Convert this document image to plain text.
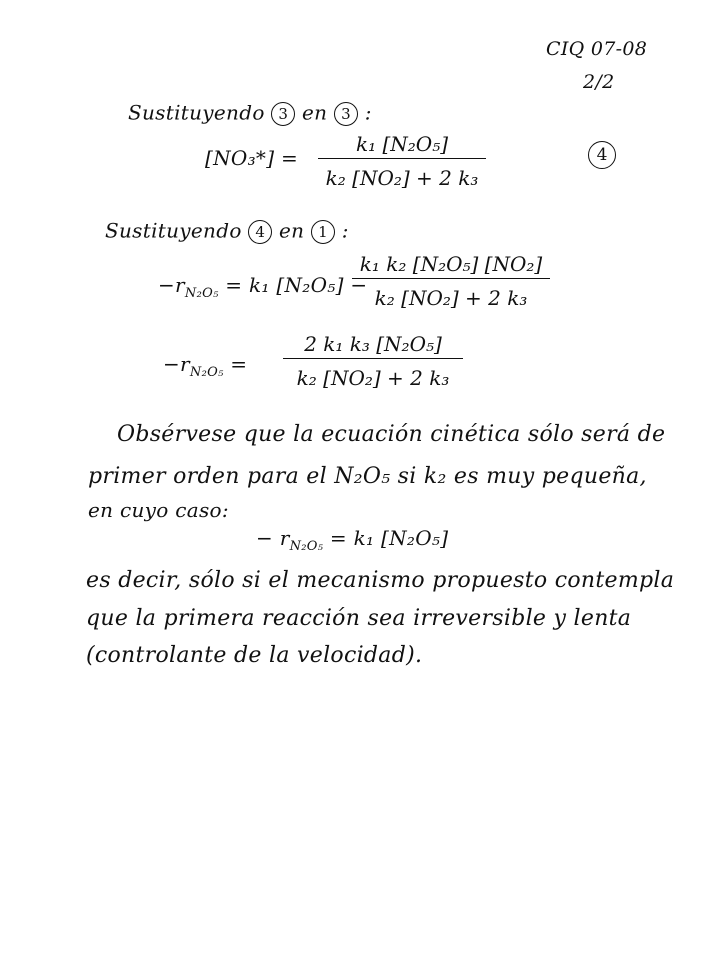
CIQ 07-08
2/2
Sustituyendo 3 en 3 :
[NO₃*] =
k₁ [N₂O₅]
k₂ [NO₂] + 2 k₃
4
Sustituyendo 4 en 1 :
$-r_{N_2O_5} = k_1$ [N₂O₅] −
k₁ k₂ [N₂O₅] [NO₂]
k₂ [NO₂] + 2 k₃
$-r_{N_2O_5}$ =
2 k₁ k₃ [N₂O₅]
k₂ [NO₂] + 2 k₃
Obsérvese que la ecuación cinética sólo será de
primer orden para el N₂O₅ si k₂ es muy pequeña,
en cuyo caso:
− $r_{N_2O_5} = k_1$ [N₂O₅]
es decir, sólo si el mecanismo propuesto contempla
que la primera reacción sea irreversible y lenta
(controlante de la velocidad).
